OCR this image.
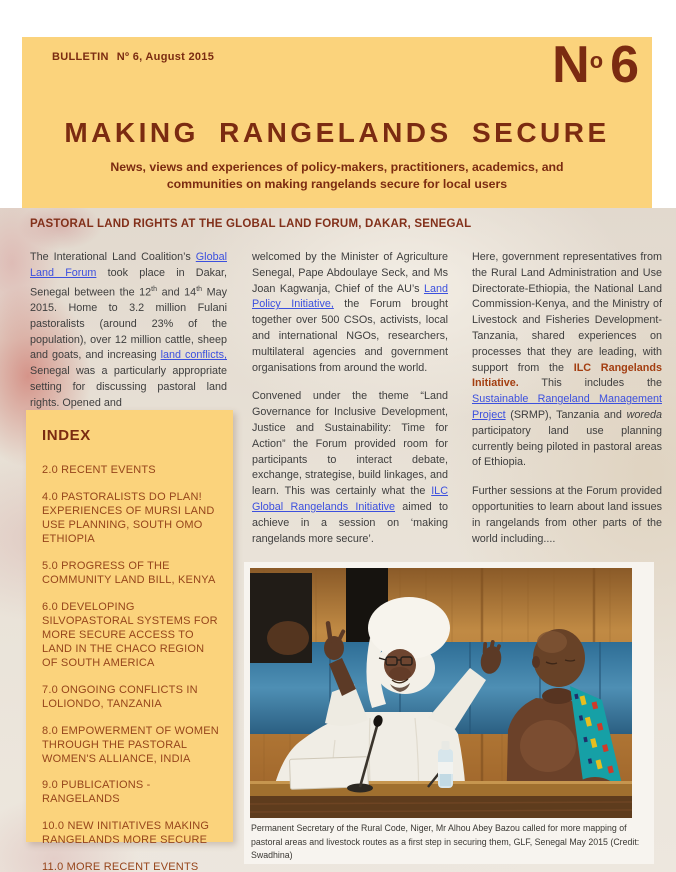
BULLETIN Nº 6, August 2015	$N^o$ 6
MAKING RANGELANDS SECURE

News, views and experiences of policy-makers, practitioners, academics, and communities on making rangelands secure for local users

PASTORAL LAND RIGHTS AT THE GLOBAL LAND FORUM, DAKAR, SENEGAL

The Interational Land Coalition’s Global Land Forum took place in Dakar, Senegal between the 12th and 14th May 2015. Home to 3.2 million Fulani pastoralists (around 23% of the population), over 12 million cattle, sheep and goats, and increasing land conflicts, Senegal was a particularly appropriate setting for discussing pastoral land rights. Opened and

welcomed by the Minister of Agriculture Senegal, Pape Abdoulaye Seck, and Ms Joan Kagwanja, Chief of the AU’s Land Policy Initiative, the Forum brought together over 500 CSOs, activists, local and international NGOs, researchers, multilateral agencies and government organisations from around the world.

Convened under the theme “Land Governance for Inclusive Development, Justice and Sustainability: Time for Action” the Forum provided room for participants to interact debate, exchange, strategise, build linkages, and learn. This was certainly what the ILC Global Rangelands Initiative aimed to achieve in a session on ‘making rangelands more secure’.

Here, government representatives from the Rural Land Administration and Use Directorate-Ethiopia, the National Land Commission-Kenya, and the Ministry of Livestock and Fisheries Development-Tanzania, shared experiences on processes that they are leading, with support from the ILC Rangelands Initiative. This includes the Sustainable Rangeland Management Project (SRMP), Tanzania and woreda participatory land use planning currently being piloted in pastoral areas of Ethiopia.

Further sessions at the Forum provided opportunities to learn about land issues in rangelands from other parts of the world including....

INDEX
2.0 RECENT EVENTS
4.0 PASTORALISTS DO PLAN! EXPERIENCES OF MURSI LAND USE PLANNING, SOUTH OMO ETHIOPIA
5.0 PROGRESS OF THE COMMUNITY LAND BILL, KENYA
6.0 DEVELOPING SILVOPASTORAL SYSTEMS FOR MORE SECURE ACCESS TO LAND IN THE CHACO REGION OF SOUTH AMERICA
7.0 ONGOING CONFLICTS IN LOLIONDO, TANZANIA
8.0 EMPOWERMENT OF WOMEN THROUGH THE PASTORAL WOMEN'S ALLIANCE, INDIA
9.0 PUBLICATIONS - RANGELANDS
10.0 NEW INITIATIVES MAKING RANGELANDS MORE SECURE
11.0 MORE RECENT EVENTS
Permanent Secretary of the Rural Code, Niger, Mr Alhou Abey Bazou called for more mapping of pastoral areas and livestock routes as a first step in securing them, GLF, Senegal May 2015 (Credit: Swadhina)
